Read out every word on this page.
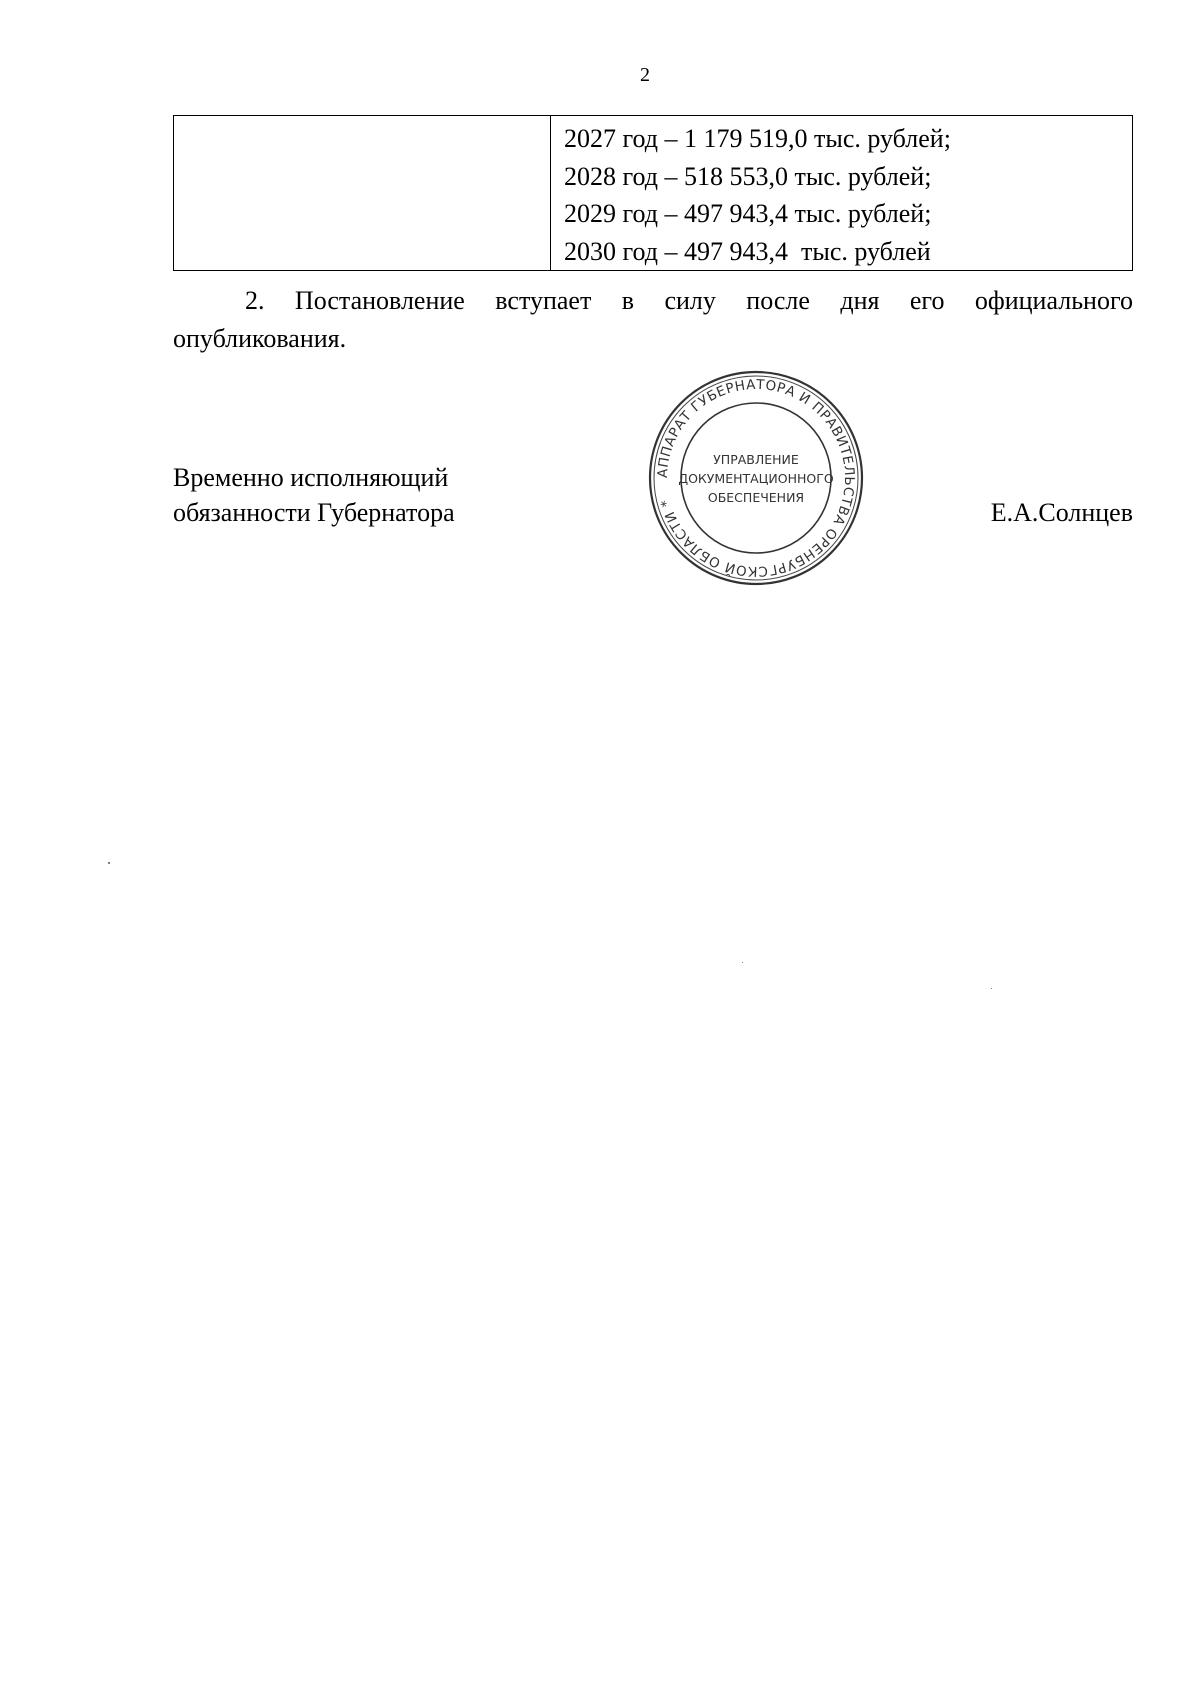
2

2027 год – 1 179 519,0 тыс. рублей;
2028 год – 518 553,0 тыс. рублей;
2029 год – 497 943,4 тыс. рублей;
2030 год – 497 943,4  тыс. рублей
2. Постановление вступает в силу после дня его официального
опубликования.
Временно исполняющий
обязанности Губернатора
АППАРАТ ГУБЕРНАТОРА И ПРАВИТЕЛЬСТВА ОРЕНБУРГСКОЙ ОБЛАСТИ *
УПРАВЛЕНИЕ
ДОКУМЕНТАЦИОННОГО
ОБЕСПЕЧЕНИЯ
Е.А.Солнцев
